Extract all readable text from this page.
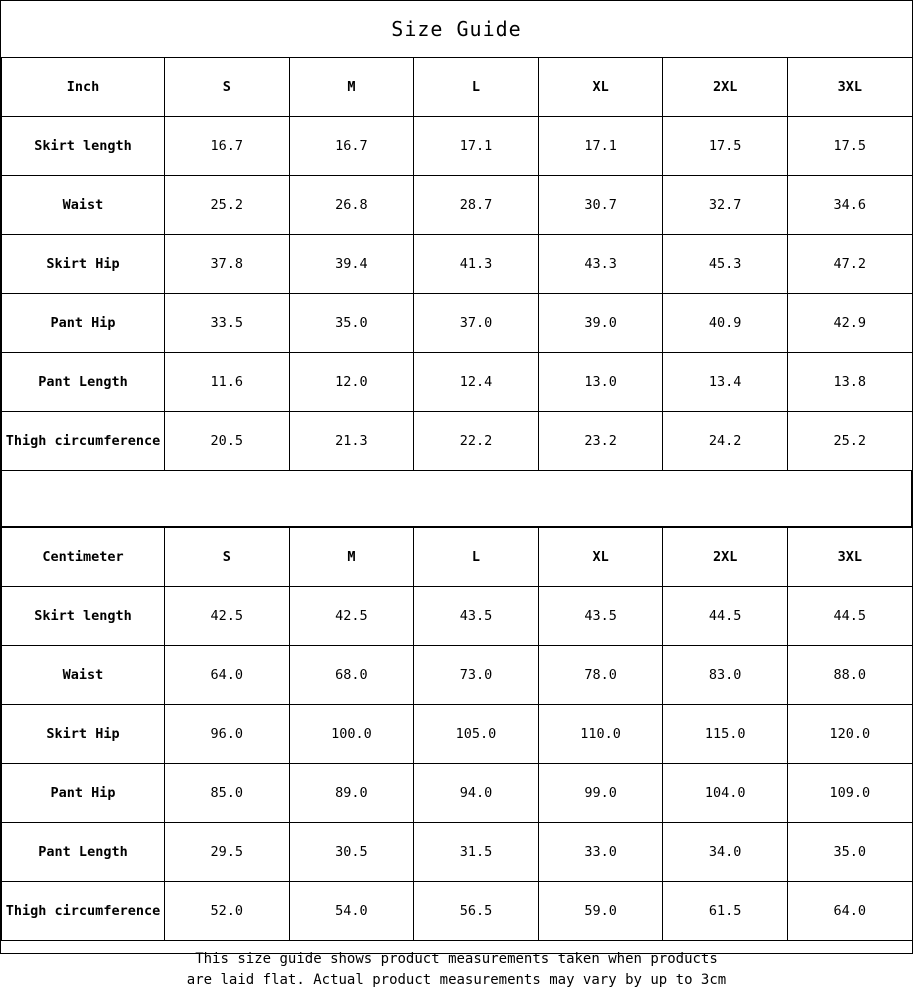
Size Guide
Inch	S	M	L	XL	2XL	3XL
Skirt length	16.7	16.7	17.1	17.1	17.5	17.5
Waist	25.2	26.8	28.7	30.7	32.7	34.6
Skirt Hip	37.8	39.4	41.3	43.3	45.3	47.2
Pant Hip	33.5	35.0	37.0	39.0	40.9	42.9
Pant Length	11.6	12.0	12.4	13.0	13.4	13.8
Thigh circumference	20.5	21.3	22.2	23.2	24.2	25.2
Centimeter	S	M	L	XL	2XL	3XL
Skirt length	42.5	42.5	43.5	43.5	44.5	44.5
Waist	64.0	68.0	73.0	78.0	83.0	88.0
Skirt Hip	96.0	100.0	105.0	110.0	115.0	120.0
Pant Hip	85.0	89.0	94.0	99.0	104.0	109.0
Pant Length	29.5	30.5	31.5	33.0	34.0	35.0
Thigh circumference	52.0	54.0	56.5	59.0	61.5	64.0
This size guide shows product measurements taken when products
are laid flat. Actual product measurements may vary by up to 3cm
